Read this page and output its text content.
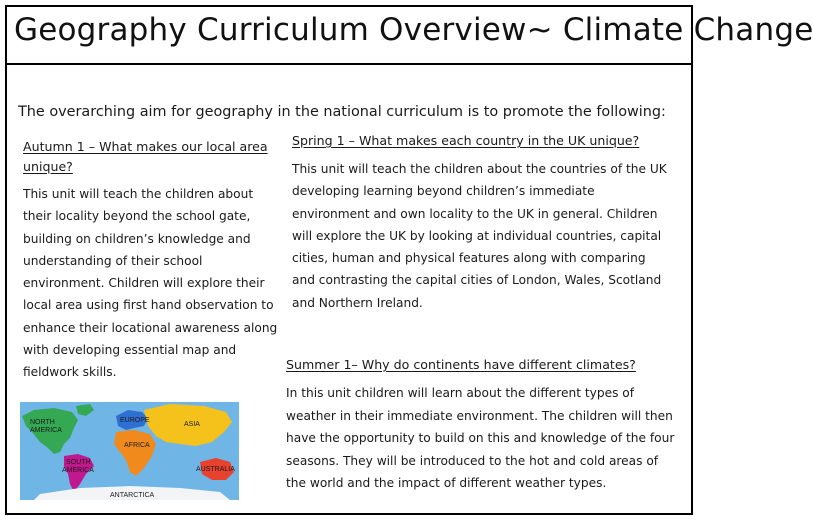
Geography Curriculum Overview~ Climate Change
The overarching aim for geography in the national curriculum is to promote the following:
Autumn 1 – What makes our local area unique?
This unit will teach the children about their locality beyond the school gate, building on children’s knowledge and understanding of their school environment. Children will explore their local area using first hand observation to enhance their locational awareness along with developing essential map and fieldwork skills.
Spring 1 – What makes each country in the UK unique?
This unit will teach the children about the countries of the UK developing learning beyond children’s immediate environment and own locality to the UK in general. Children will explore the UK by looking at individual countries, capital cities, human and physical features along with comparing and contrasting the capital cities of London, Wales, Scotland and Northern Ireland.
Summer 1– Why do continents have different climates?
In this unit children will learn about the different types of weather in their immediate environment. The children will then have the opportunity to build on this and knowledge of the four seasons. They will be introduced to the hot and cold areas of the world and the impact of different weather types.
NORTH
AMERICA
EUROPE
ASIA
AFRICA
SOUTH
AMERICA	AUSTRALIA
ANTARCTICA
